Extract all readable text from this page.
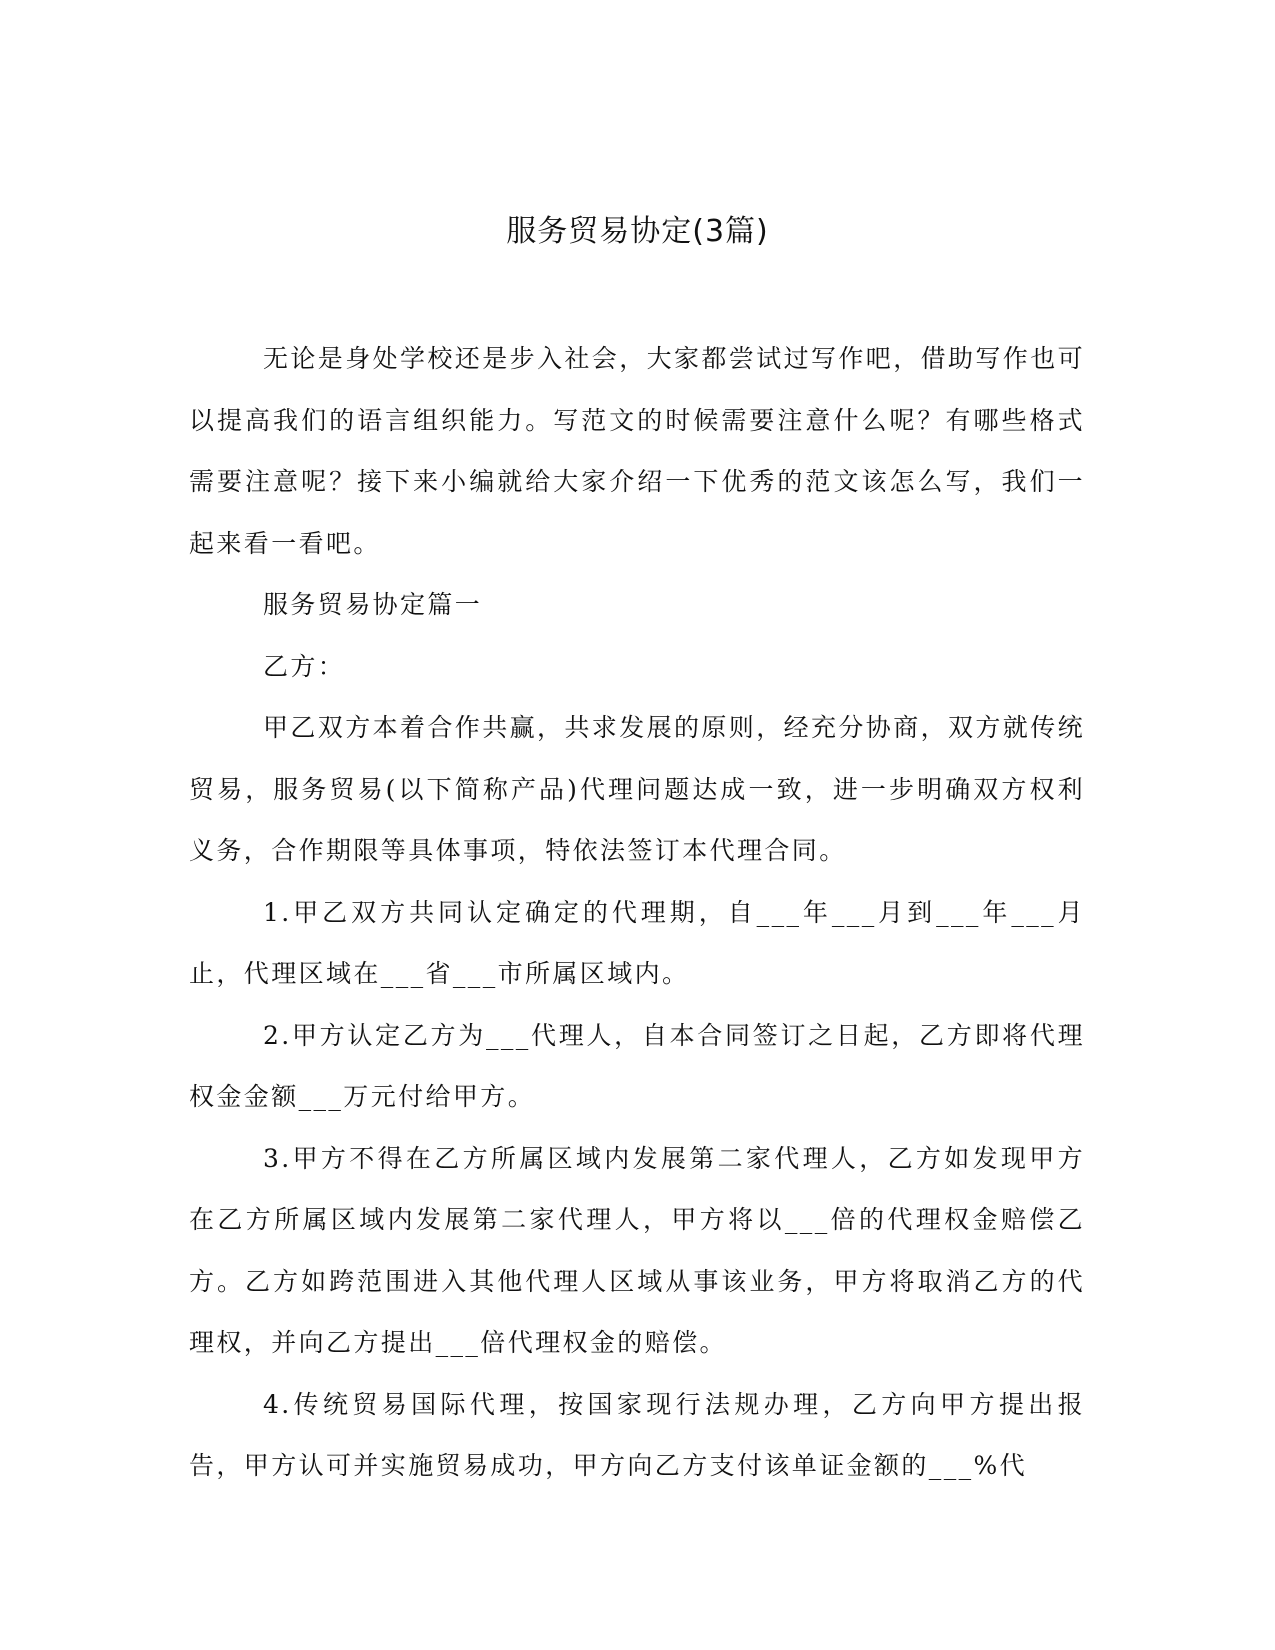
服务贸易协定(3篇)

无论是身处学校还是步入社会，大家都尝试过写作吧，借助写作也可以提高我们的语言组织能力。写范文的时候需要注意什么呢？有哪些格式需要注意呢？接下来小编就给大家介绍一下优秀的范文该怎么写，我们一起来看一看吧。

服务贸易协定篇一

乙方：

甲乙双方本着合作共赢，共求发展的原则，经充分协商，双方就传统贸易，服务贸易(以下简称产品)代理问题达成一致，进一步明确双方权利义务，合作期限等具体事项，特依法签订本代理合同。

1.甲乙双方共同认定确定的代理期，自___年___月到___年___月止，代理区域在___省___市所属区域内。

2.甲方认定乙方为___代理人，自本合同签订之日起，乙方即将代理权金金额___万元付给甲方。

3.甲方不得在乙方所属区域内发展第二家代理人，乙方如发现甲方在乙方所属区域内发展第二家代理人，甲方将以___倍的代理权金赔偿乙方。乙方如跨范围进入其他代理人区域从事该业务，甲方将取消乙方的代理权，并向乙方提出___倍代理权金的赔偿。

4.传统贸易国际代理，按国家现行法规办理，乙方向甲方提出报告，甲方认可并实施贸易成功，甲方向乙方支付该单证金额的___%代
